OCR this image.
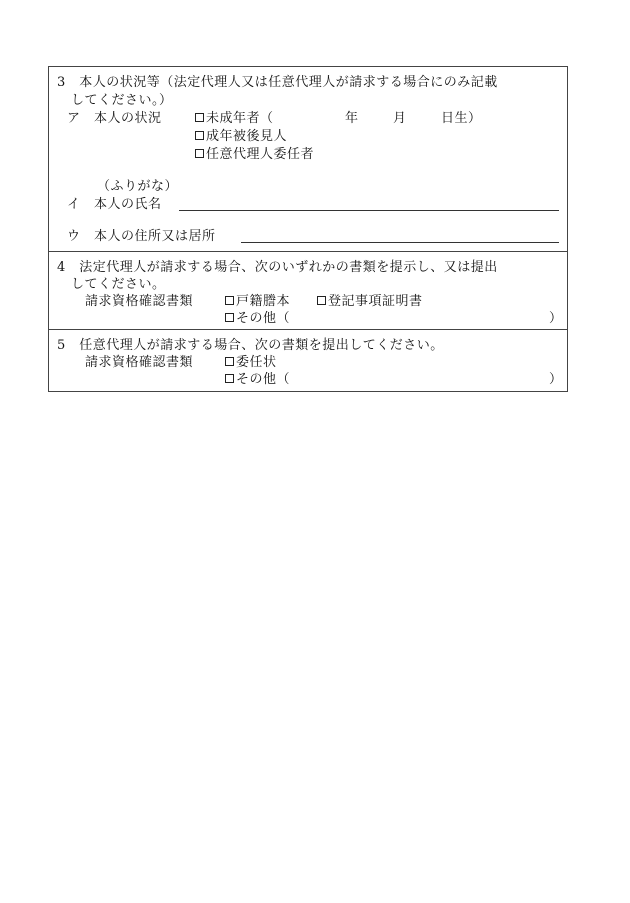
3　本人の状況等（法定代理人又は任意代理人が請求する場合にのみ記載
してください。）
ア　本人の状況	未成年者（	年	月	日生）
成年被後見人
任意代理人委任者
（ふりがな）
イ　本人の氏名
ウ　本人の住所又は居所
4　法定代理人が請求する場合、次のいずれかの書類を提示し、又は提出
してください。
請求資格確認書類	戸籍謄本	登記事項証明書
その他（	）
5　任意代理人が請求する場合、次の書類を提出してください。
請求資格確認書類	委任状
その他（	）
